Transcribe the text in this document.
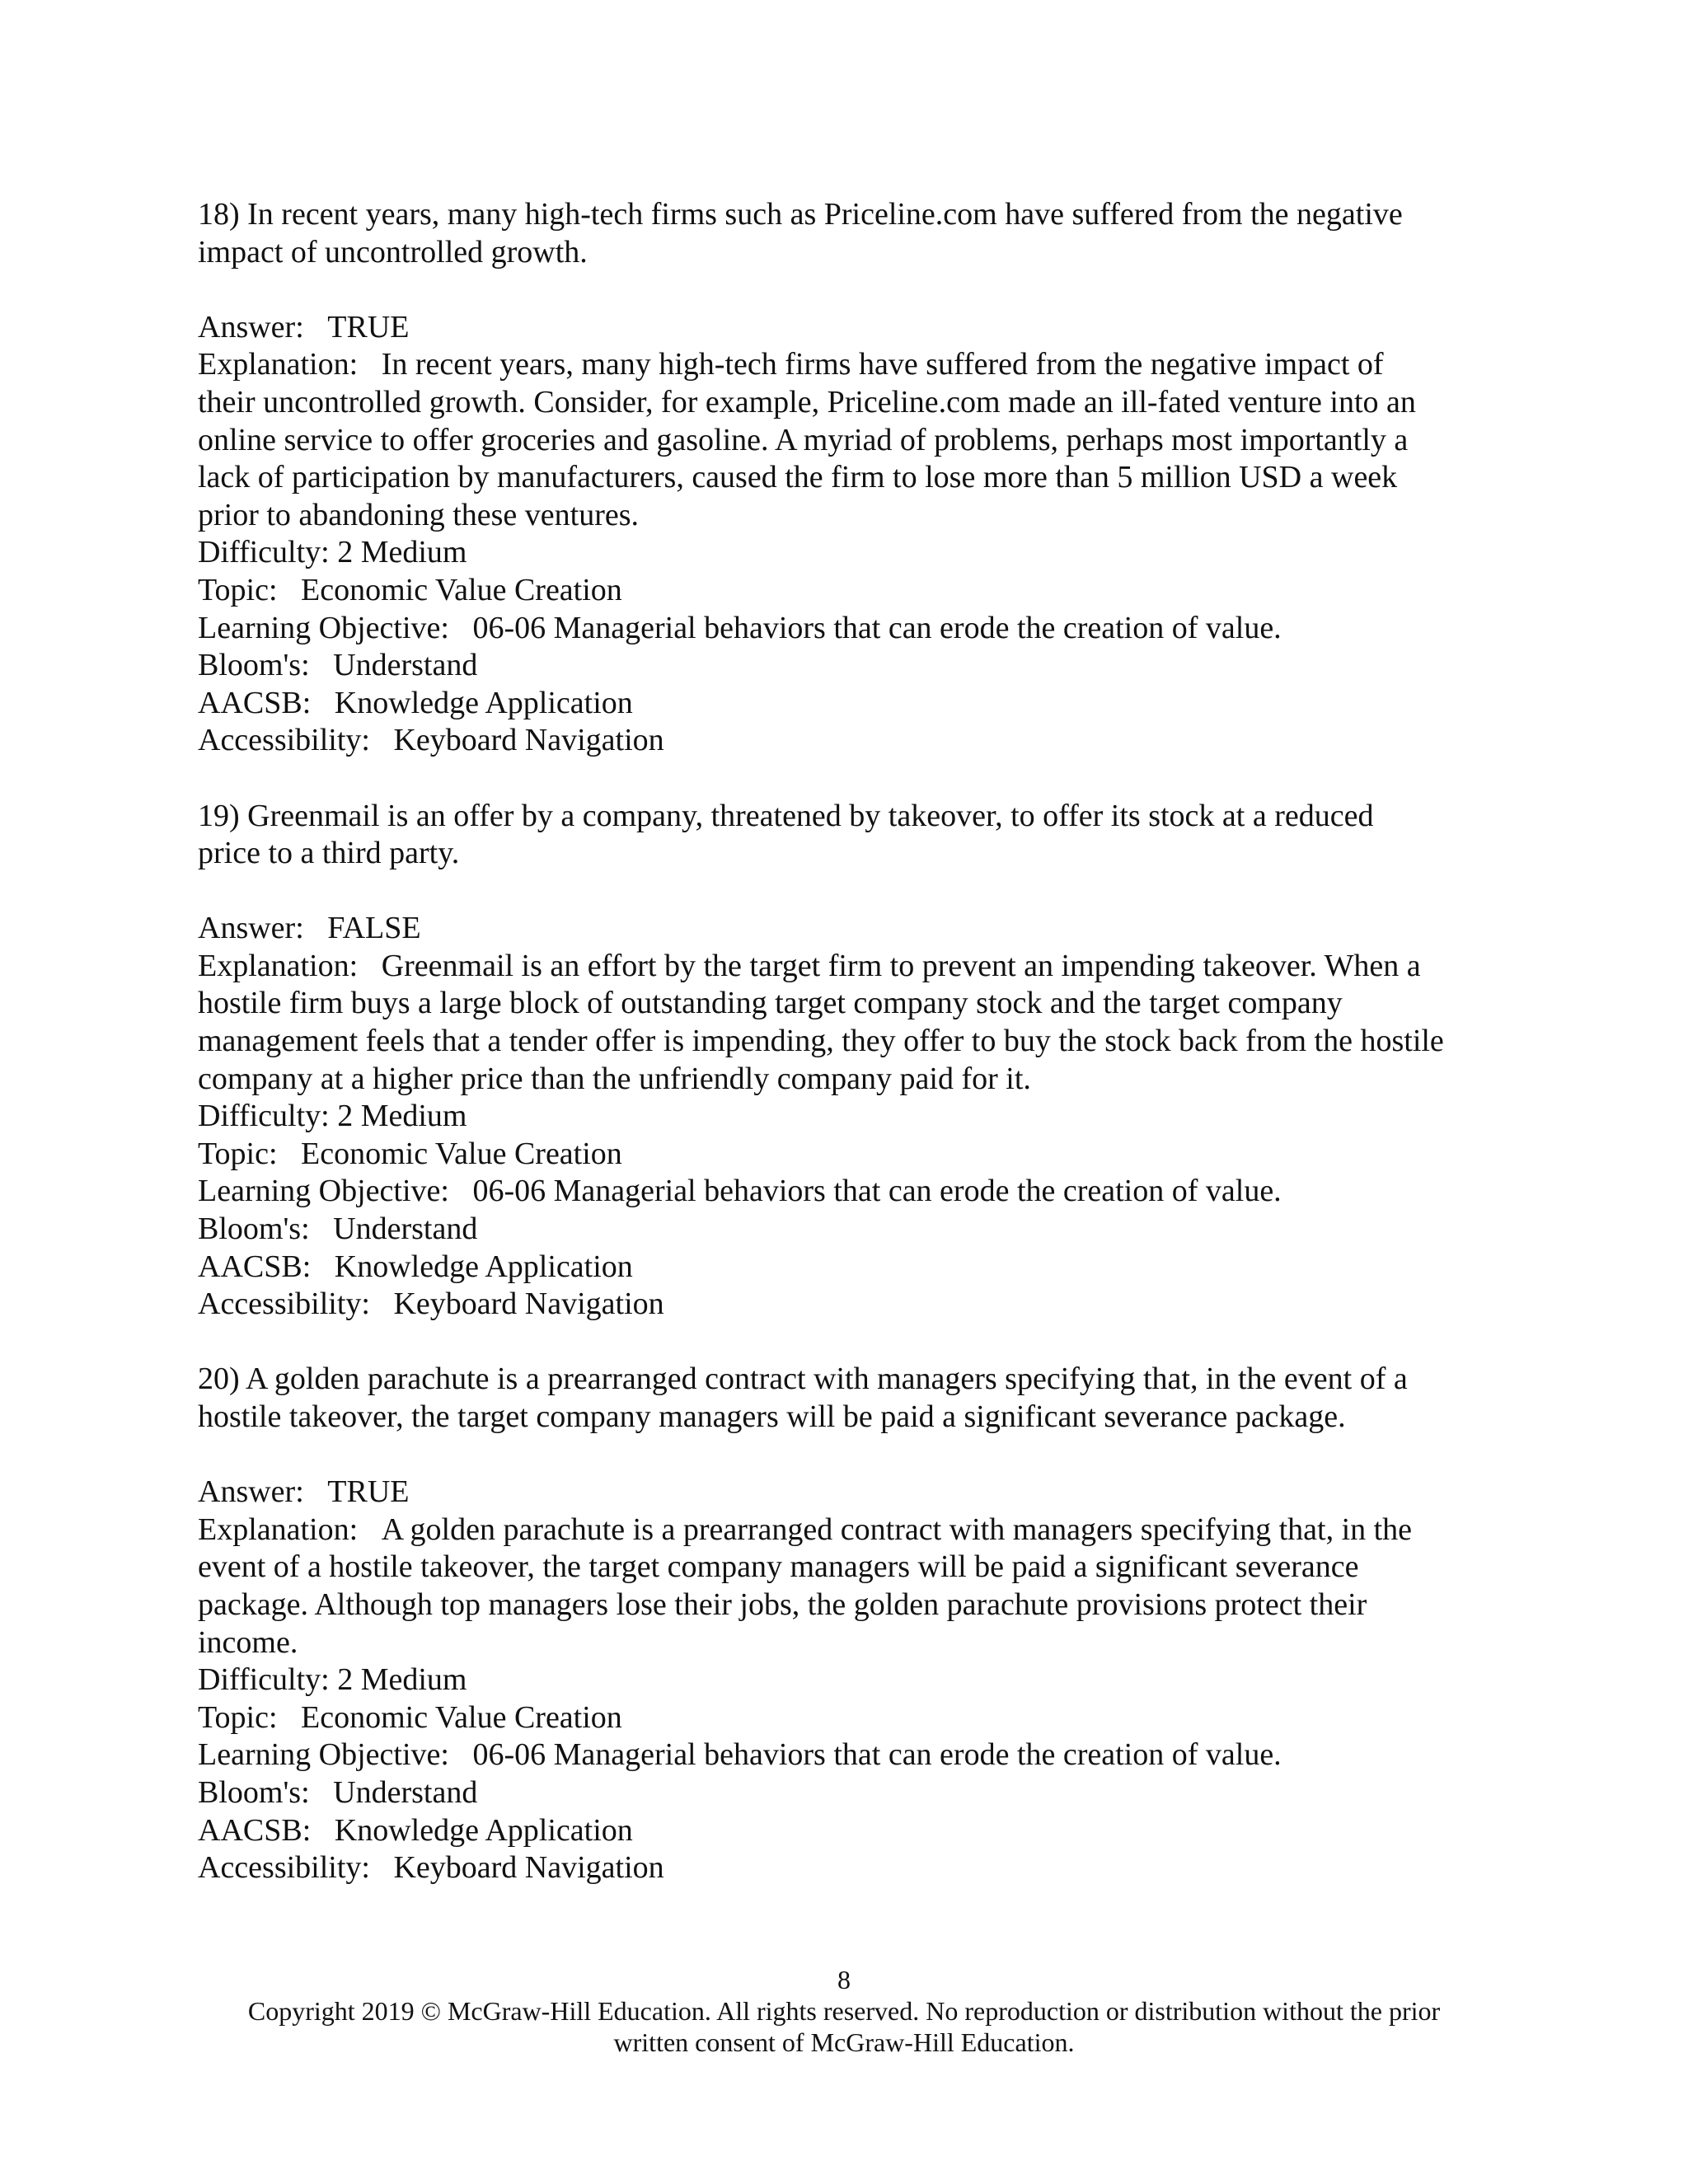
18) In recent years, many high-tech firms such as Priceline.com have suffered from the negative
impact of uncontrolled growth.
Answer: TRUE
Explanation: In recent years, many high-tech firms have suffered from the negative impact of
their uncontrolled growth. Consider, for example, Priceline.com made an ill-fated venture into an
online service to offer groceries and gasoline. A myriad of problems, perhaps most importantly a
lack of participation by manufacturers, caused the firm to lose more than 5 million USD a week
prior to abandoning these ventures.
Difficulty: 2 Medium
Topic: Economic Value Creation
Learning Objective: 06-06 Managerial behaviors that can erode the creation of value.
Bloom's: Understand
AACSB: Knowledge Application
Accessibility: Keyboard Navigation
19) Greenmail is an offer by a company, threatened by takeover, to offer its stock at a reduced
price to a third party.
Answer: FALSE
Explanation: Greenmail is an effort by the target firm to prevent an impending takeover. When a
hostile firm buys a large block of outstanding target company stock and the target company
management feels that a tender offer is impending, they offer to buy the stock back from the hostile
company at a higher price than the unfriendly company paid for it.
Difficulty: 2 Medium
Topic: Economic Value Creation
Learning Objective: 06-06 Managerial behaviors that can erode the creation of value.
Bloom's: Understand
AACSB: Knowledge Application
Accessibility: Keyboard Navigation
20) A golden parachute is a prearranged contract with managers specifying that, in the event of a
hostile takeover, the target company managers will be paid a significant severance package.
Answer: TRUE
Explanation: A golden parachute is a prearranged contract with managers specifying that, in the
event of a hostile takeover, the target company managers will be paid a significant severance
package. Although top managers lose their jobs, the golden parachute provisions protect their
income.
Difficulty: 2 Medium
Topic: Economic Value Creation
Learning Objective: 06-06 Managerial behaviors that can erode the creation of value.
Bloom's: Understand
AACSB: Knowledge Application
Accessibility: Keyboard Navigation
8
Copyright 2019 © McGraw-Hill Education. All rights reserved. No reproduction or distribution without the prior
written consent of McGraw-Hill Education.
